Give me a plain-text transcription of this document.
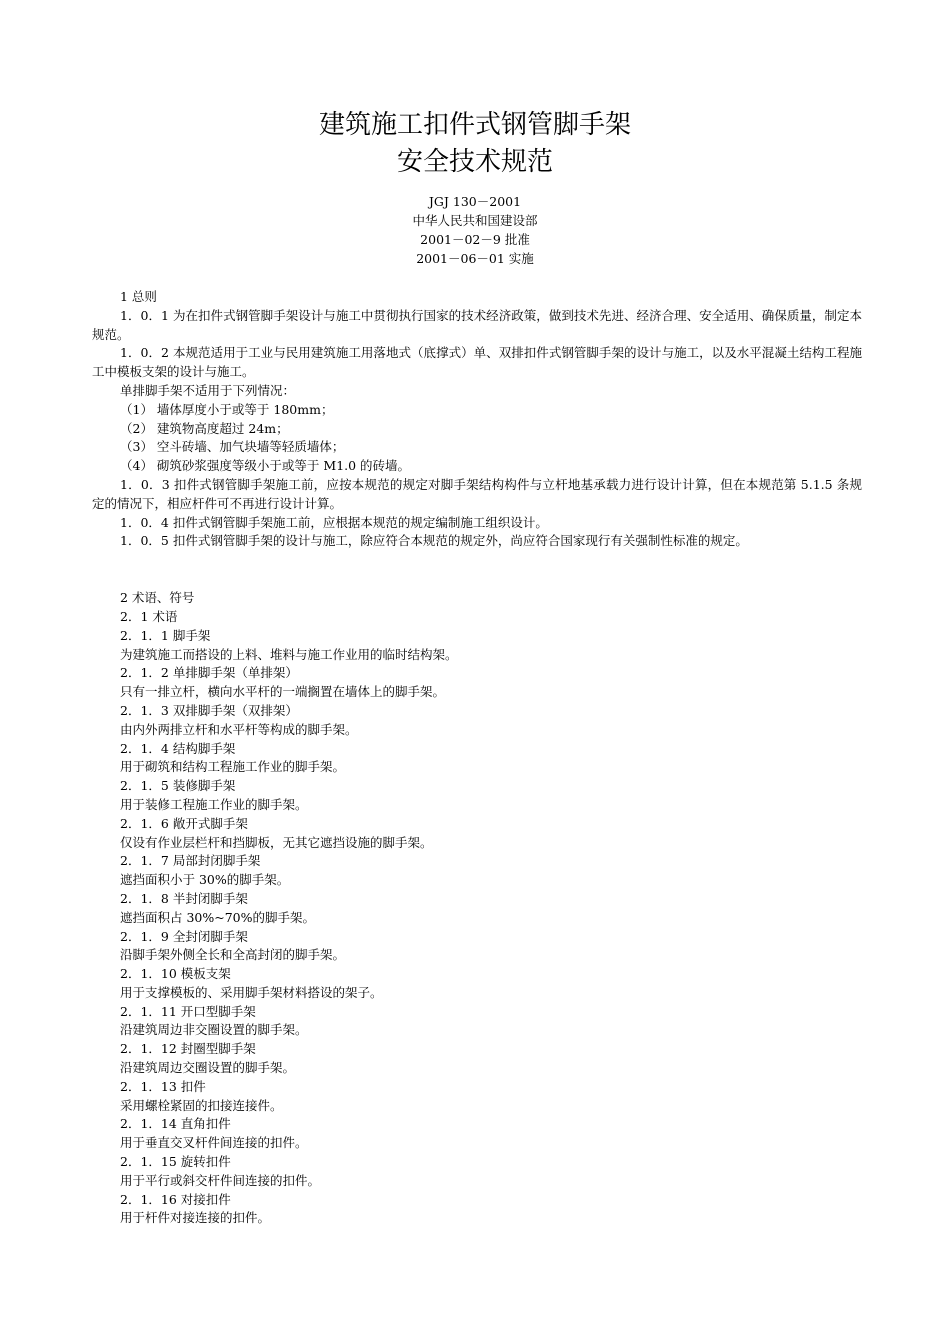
建筑施工扣件式钢管脚手架
安全技术规范
JGJ 130－2001
中华人民共和国建设部
2001－02－9 批准
2001－06－01 实施
1 总则
1．0．1 为在扣件式钢管脚手架设计与施工中贯彻执行国家的技术经济政策，做到技术先进、经济合理、安全适用、确保质量，制定本规范。
1．0．2 本规范适用于工业与民用建筑施工用落地式（底撑式）单、双排扣件式钢管脚手架的设计与施工，以及水平混凝土结构工程施工中模板支架的设计与施工。
单排脚手架不适用于下列情况：
（1） 墙体厚度小于或等于 180mm；
（2） 建筑物高度超过 24m；
（3） 空斗砖墙、加气块墙等轻质墙体；
（4） 砌筑砂浆强度等级小于或等于 M1.0 的砖墙。
1．0．3 扣件式钢管脚手架施工前，应按本规范的规定对脚手架结构构件与立杆地基承载力进行设计计算，但在本规范第 5.1.5 条规定的情况下，相应杆件可不再进行设计计算。
1．0．4 扣件式钢管脚手架施工前，应根据本规范的规定编制施工组织设计。
1．0．5 扣件式钢管脚手架的设计与施工，除应符合本规范的规定外，尚应符合国家现行有关强制性标准的规定。
2 术语、符号
2．1 术语
2．1．1 脚手架
为建筑施工而搭设的上料、堆料与施工作业用的临时结构架。
2．1．2 单排脚手架（单排架）
只有一排立杆，横向水平杆的一端搁置在墙体上的脚手架。
2．1．3 双排脚手架（双排架）
由内外两排立杆和水平杆等构成的脚手架。
2．1．4 结构脚手架
用于砌筑和结构工程施工作业的脚手架。
2．1．5 装修脚手架
用于装修工程施工作业的脚手架。
2．1．6 敞开式脚手架
仅设有作业层栏杆和挡脚板，无其它遮挡设施的脚手架。
2．1．7 局部封闭脚手架
遮挡面积小于 30%的脚手架。
2．1．8 半封闭脚手架
遮挡面积占 30%~70%的脚手架。
2．1．9 全封闭脚手架
沿脚手架外侧全长和全高封闭的脚手架。
2．1．10 模板支架
用于支撑模板的、采用脚手架材料搭设的架子。
2．1．11 开口型脚手架
沿建筑周边非交圈设置的脚手架。
2．1．12 封圈型脚手架
沿建筑周边交圈设置的脚手架。
2．1．13 扣件
采用螺栓紧固的扣接连接件。
2．1．14 直角扣件
用于垂直交叉杆件间连接的扣件。
2．1．15 旋转扣件
用于平行或斜交杆件间连接的扣件。
2．1．16 对接扣件
用于杆件对接连接的扣件。
